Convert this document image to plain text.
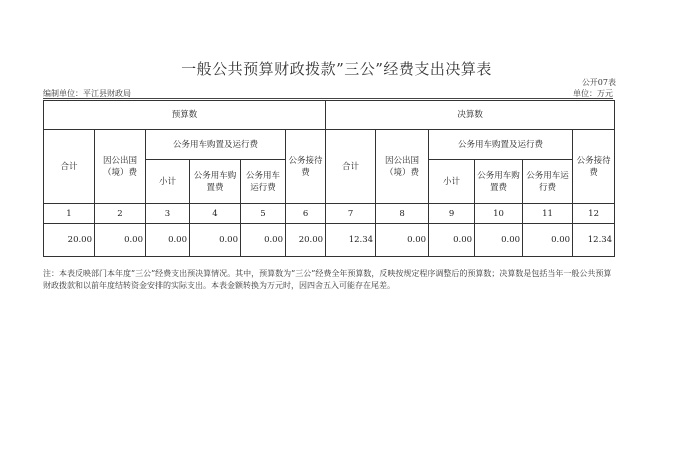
一般公共预算财政拨款”三公”经费支出决算表
公开07表
编制单位：平江县财政局	单位：万元
预算数						决算数					
合计	因公出国（境）费	公务用车购置及运行费			公务接待费	合计	因公出国（境）费	公务用车购置及运行费			公务接待费
		小计	公务用车购置费	公务用车运行费				小计	公务用车购置费	公务用车运行费	
1	2	3	4	5	6	7	8	9	10	11	12
20.00	0.00	0.00	0.00	0.00	20.00	12.34	0.00	0.00	0.00	0.00	12.34
注：本表反映部门本年度”三公”经费支出预决算情况。其中，预算数为”三公”经费全年预算数，反映按规定程序调整后的预算数；决算数是包括当年一般公共预算财政拨款和以前年度结转资金安排的实际支出。本表金额转换为万元时，因四舍五入可能存在尾差。
